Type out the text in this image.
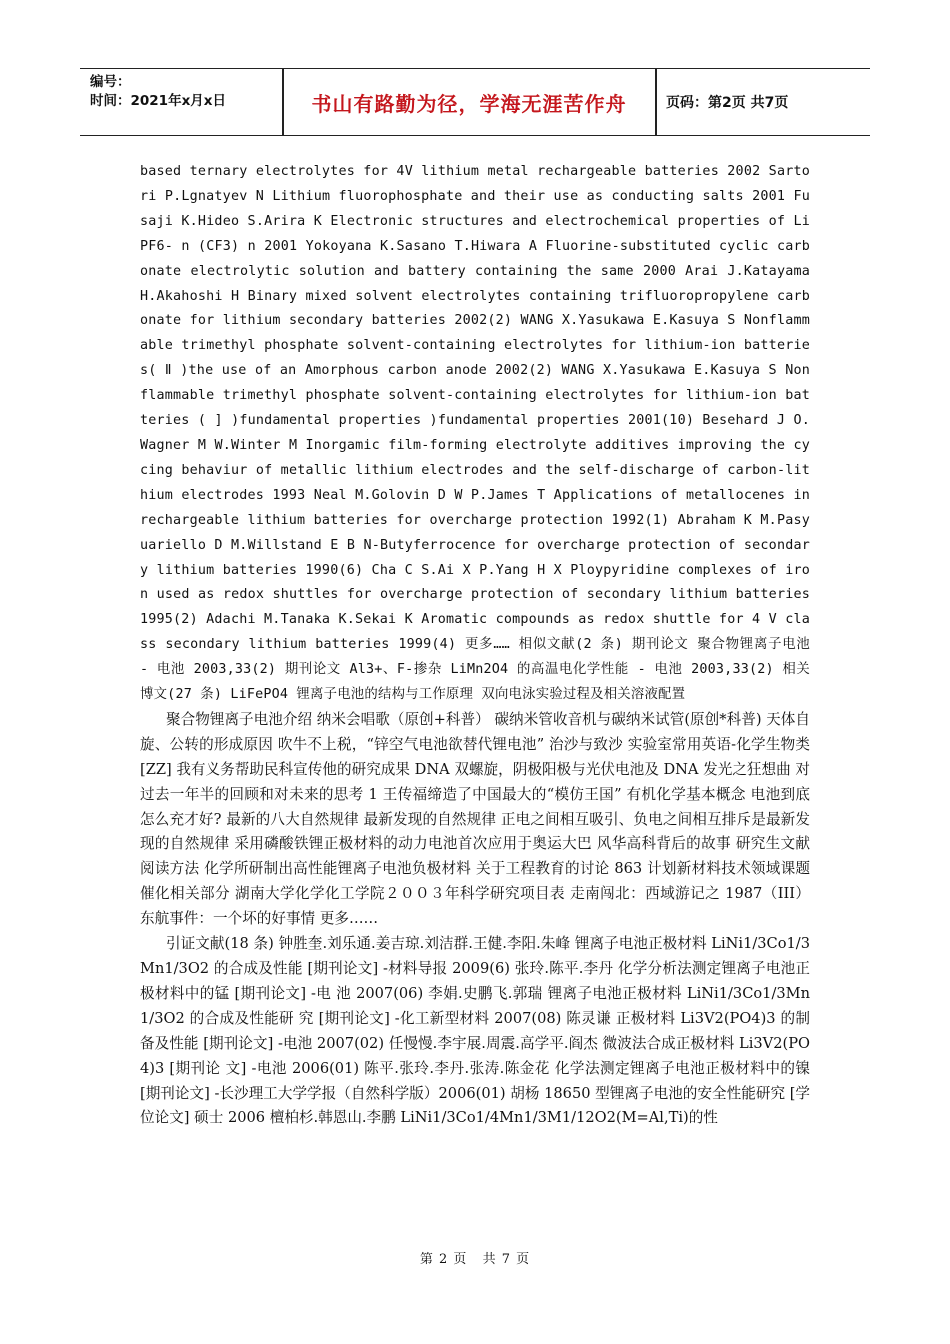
编号：
时间：2021年x月x日	书山有路勤为径，学海无涯苦作舟	页码：第2页 共7页

based ternary electrolytes for 4V lithium metal rechargeable batteries 2002 Sartori P.Lgnatyev N Lithium fluorophosphate and their use as conducting salts 2001 Fusaji K.Hideo S.Arira K Electronic structures and electrochemical properties of LiPF6- n (CF3) n 2001 Yokoyana K.Sasano T.Hiwara A Fluorine-substituted cyclic carbonate electrolytic solution and battery containing the same 2000 Arai J.Katayama H.Akahoshi H Binary mixed solvent electrolytes containing trifluoropropylene carbonate for lithium secondary batteries 2002(2) WANG X.Yasukawa E.Kasuya S Nonflammable trimethyl phosphate solvent-containing electrolytes for lithium-ion batteries( Ⅱ )the use of an Amorphous carbon anode 2002(2) WANG X.Yasukawa E.Kasuya S Nonflammable trimethyl phosphate solvent-containing electrolytes for lithium-ion batteries ( ] )fundamental properties )fundamental properties 2001(10) Besehard J O.Wagner M W.Winter M Inorgamic film-forming electrolyte additives improving the cycing behaviur of metallic lithium electrodes and the self-discharge of carbon-lithium electrodes 1993 Neal M.Golovin D W P.James T Applications of metallocenes in rechargeable lithium batteries for overcharge protection 1992(1) Abraham K M.Pasyuariello D M.Willstand E B N-Butyferrocence for overcharge protection of secondary lithium batteries 1990(6) Cha C S.Ai X P.Yang H X Ploypyridine complexes of iron used as redox shuttles for overcharge protection of secondary lithium batteries 1995(2) Adachi M.Tanaka K.Sekai K Aromatic compounds as redox shuttle for 4 V class secondary lithium batteries 1999(4) 更多…… 相似文献(2 条) 期刊论文 聚合物锂离子电池 - 电池 2003,33(2) 期刊论文 Al3+、F-掺杂 LiMn2O4 的高温电化学性能 - 电池 2003,33(2) 相关博文(27 条) LiFePO4 锂离子电池的结构与工作原理 双向电泳实验过程及相关溶液配置

聚合物锂离子电池介绍 纳米会唱歌（原创+科普） 碳纳米管收音机与碳纳米试管(原创*科普) 天体自旋、公转的形成原因 吹牛不上税，“锌空气电池欲替代锂电池” 治沙与致沙 实验室常用英语-化学生物类[ZZ] 我有义务帮助民科宣传他的研究成果 DNA 双螺旋，阴极阳极与光伏电池及 DNA 发光之狂想曲 对过去一年半的回顾和对未来的思考 1 王传福缔造了中国最大的“模仿王国” 有机化学基本概念 电池到底怎么充才好? 最新的八大自然规律 最新发现的自然规律 正电之间相互吸引、负电之间相互排斥是最新发现的自然规律 采用磷酸铁锂正极材料的动力电池首次应用于奥运大巴 风华高科背后的故事 研究生文献阅读方法 化学所研制出高性能锂离子电池负极材料 关于工程教育的讨论 863 计划新材料技术领域课题催化相关部分 湖南大学化学化工学院２００３年科学研究项目表 走南闯北：西域游记之 1987（III） 东航事件：一个坏的好事情 更多……

引证文献(18 条) 钟胜奎.刘乐通.姜吉琼.刘洁群.王健.李阳.朱峰 锂离子电池正极材料 LiNi1/3Co1/3Mn1/3O2 的合成及性能 [期刊论文] -材料导报 2009(6) 张玲.陈平.李丹 化学分析法测定锂离子电池正极材料中的锰 [期刊论文] -电 池 2007(06) 李娟.史鹏飞.郭瑞 锂离子电池正极材料 LiNi1/3Co1/3Mn1/3O2 的合成及性能研 究 [期刊论文] -化工新型材料 2007(08) 陈灵谦 正极材料 Li3V2(PO4)3 的制备及性能 [期刊论文] -电池 2007(02) 任慢慢.李宇展.周震.高学平.阎杰 微波法合成正极材料 Li3V2(PO4)3 [期刊论 文] -电池 2006(01) 陈平.张玲.李丹.张涛.陈金花 化学法测定锂离子电池正极材料中的镍 [期刊论文] -长沙理工大学学报（自然科学版）2006(01) 胡杨 18650 型锂离子电池的安全性能研究 [学位论文] 硕士 2006 檀柏杉.韩恩山.李鹏 LiNi1/3Co1/4Mn1/3M1/12O2(M=Al,Ti)的性

第 2 页 共 7 页
